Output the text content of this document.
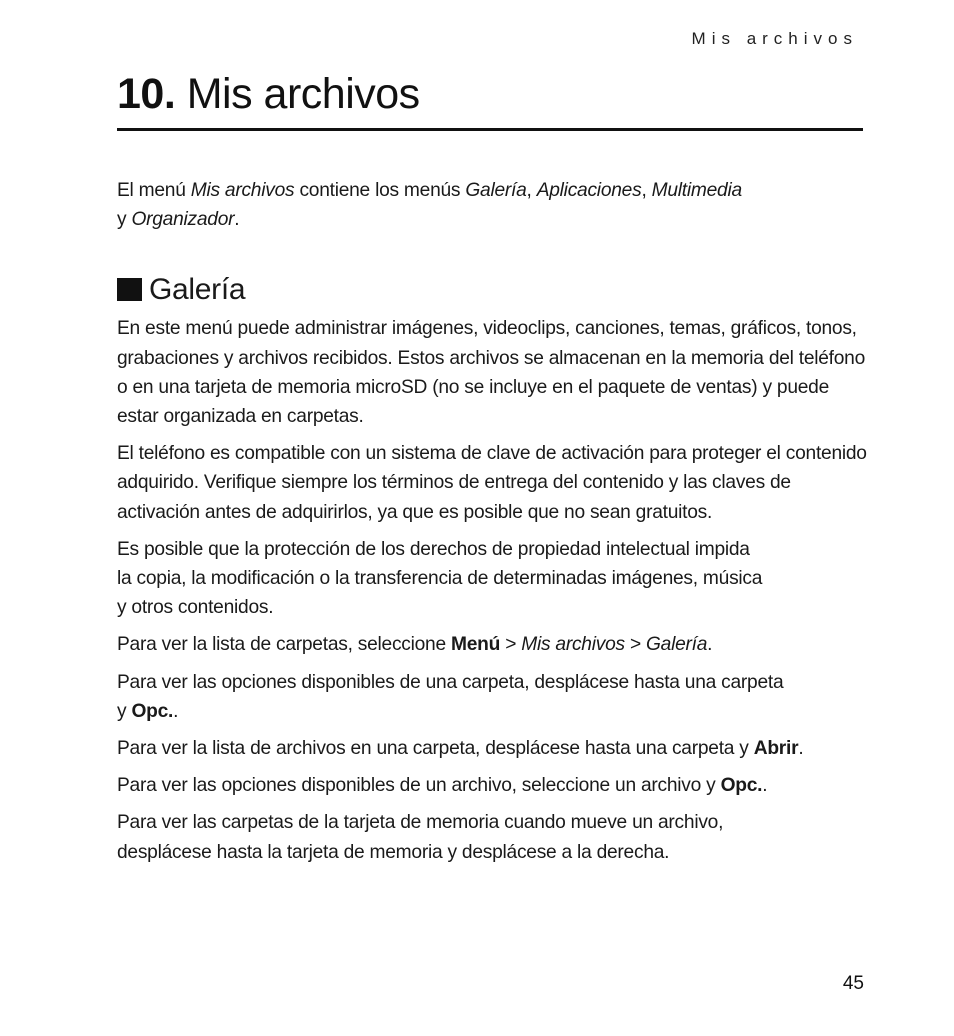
Mis archivos
10. Mis archivos

El menú Mis archivos contiene los menús Galería, Aplicaciones, Multimedia
y Organizador.

Galería

En este menú puede administrar imágenes, videoclips, canciones, temas, gráficos, tonos, grabaciones y archivos recibidos. Estos archivos se almacenan en la memoria del teléfono o en una tarjeta de memoria microSD (no se incluye en el paquete de ventas) y puede estar organizada en carpetas.

El teléfono es compatible con un sistema de clave de activación para proteger el contenido adquirido. Verifique siempre los términos de entrega del contenido y las claves de activación antes de adquirirlos, ya que es posible que no sean gratuitos.

Es posible que la protección de los derechos de propiedad intelectual impida
la copia, la modificación o la transferencia de determinadas imágenes, música
y otros contenidos.

Para ver la lista de carpetas, seleccione Menú > Mis archivos > Galería.

Para ver las opciones disponibles de una carpeta, desplácese hasta una carpeta
y Opc..

Para ver la lista de archivos en una carpeta, desplácese hasta una carpeta y Abrir.

Para ver las opciones disponibles de un archivo, seleccione un archivo y Opc..

Para ver las carpetas de la tarjeta de memoria cuando mueve un archivo,
desplácese hasta la tarjeta de memoria y desplácese a la derecha.

45
